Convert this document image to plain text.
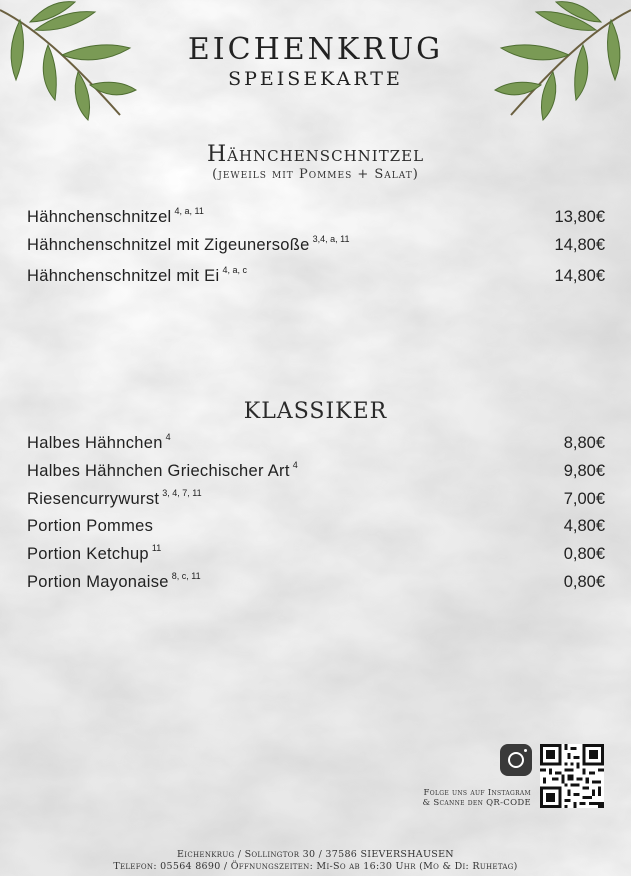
EICHENKRUG
SPEISEKARTE
Hähnchenschnitzel
(jeweils mit Pommes + Salat)
Hähnchenschnitzel $^{4, a, 11}$	13,80€
Hähnchenschnitzel mit Zigeunersoße $^{3,4, a, 11}$	14,80€
Hähnchenschnitzel mit Ei $^{4, a, c}$	14,80€
KLASSIKER
Halbes Hähnchen $^4$	8,80€
Halbes Hähnchen Griechischer Art $^4$	9,80€
Riesencurrywurst $^{3, 4, 7, 11}$	7,00€
Portion Pommes	4,80€
Portion Ketchup $^{11}$	0,80€
Portion Mayonaise $^{8, c, 11}$	0,80€
Folge uns auf Instagram
& Scanne den QR-CODE
Eichenkrug / Sollingtor 30 / 37586 SIEVERSHAUSEN
Telefon: 05564 8690 / Öffnungszeiten: Mi-So ab 16:30 Uhr (Mo & Di: Ruhetag)
